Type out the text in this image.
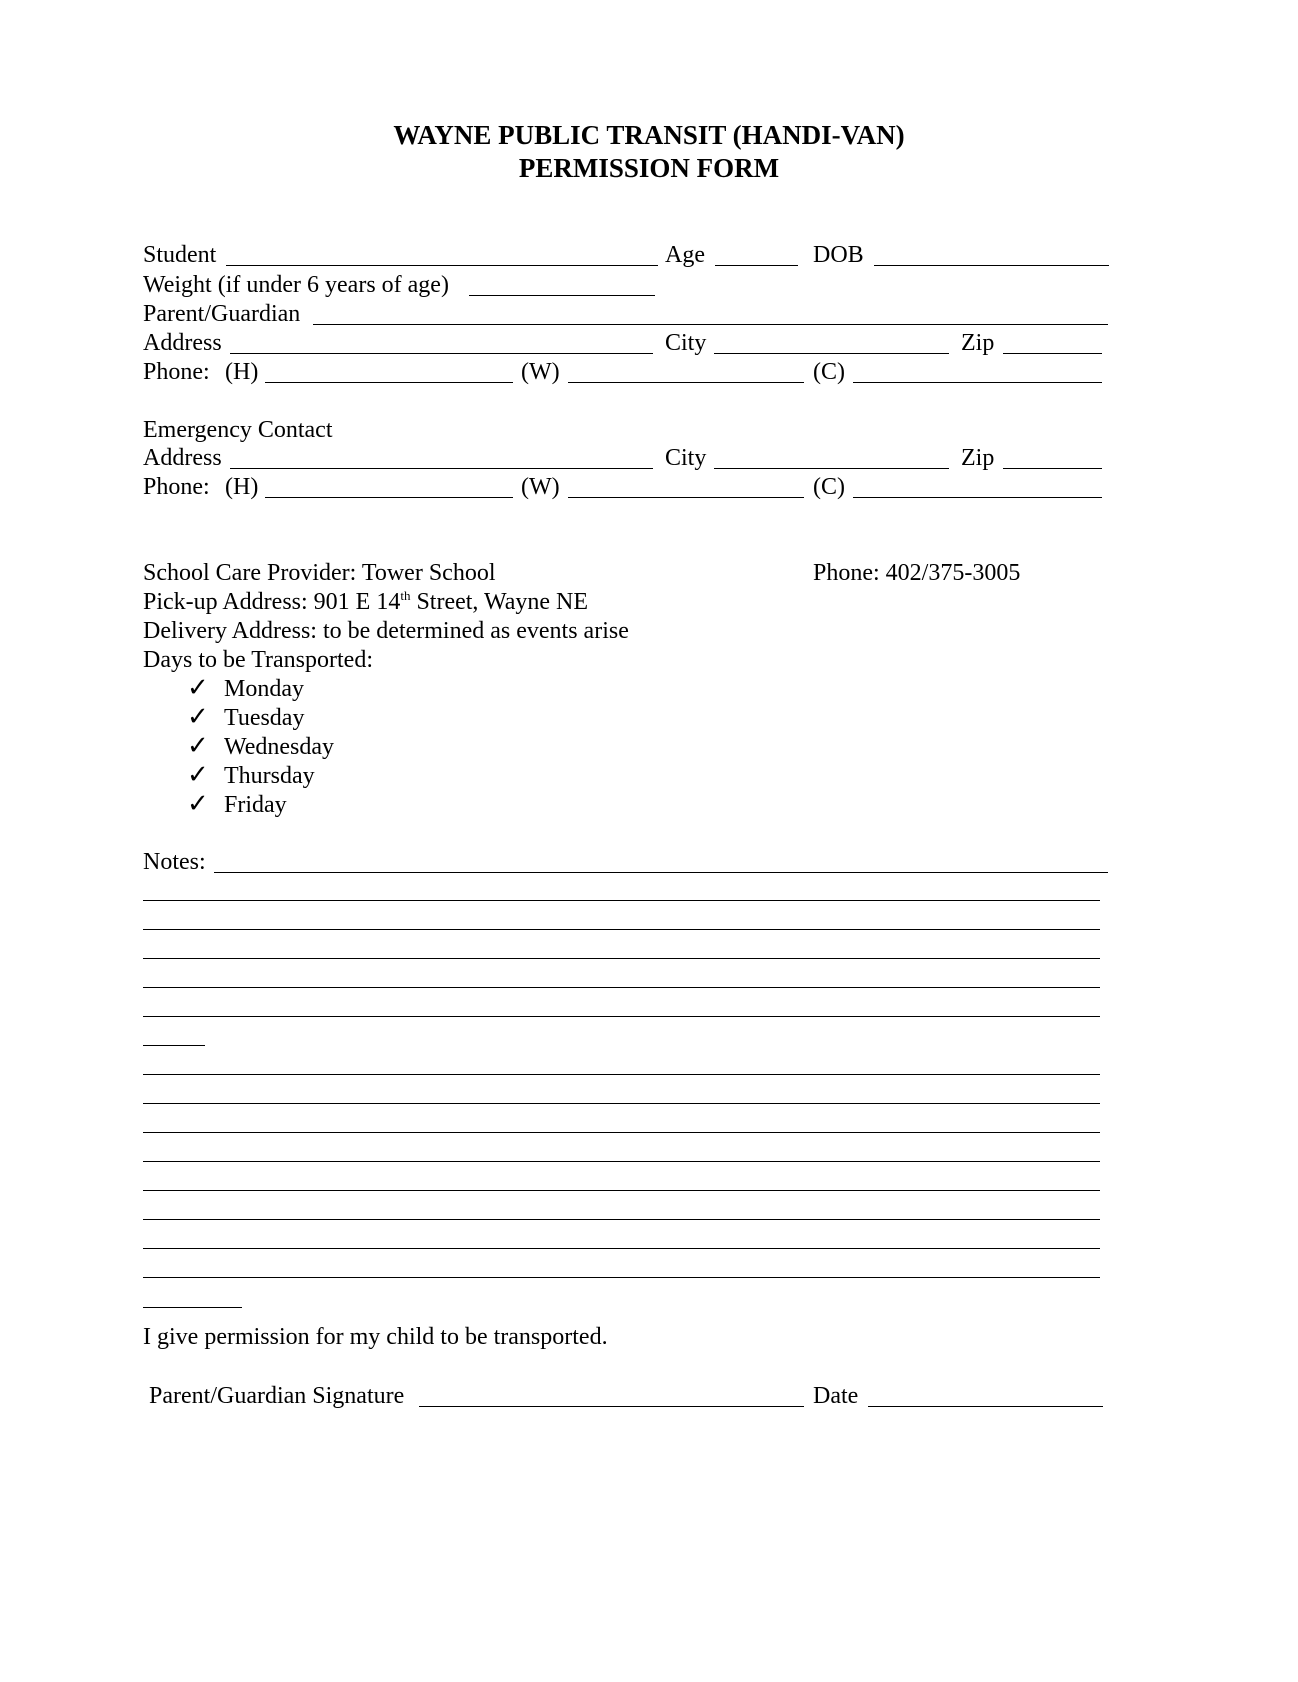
WAYNE PUBLIC TRANSIT (HANDI-VAN)
PERMISSION FORM
Student	Age	DOB
Weight (if under 6 years of age)
Parent/Guardian
Address	City	Zip
Phone: (H)	(W)	(C)
Emergency Contact
Address	City	Zip
Phone: (H)	(W)	(C)
School Care Provider: Tower School	Phone: 402/375-3005
Pick-up Address: 901 E 14th Street, Wayne NE
Delivery Address: to be determined as events arise
Days to be Transported:
✓ Monday
✓ Tuesday
✓ Wednesday
✓ Thursday
✓ Friday
Notes:
I give permission for my child to be transported.
Parent/Guardian Signature	Date
